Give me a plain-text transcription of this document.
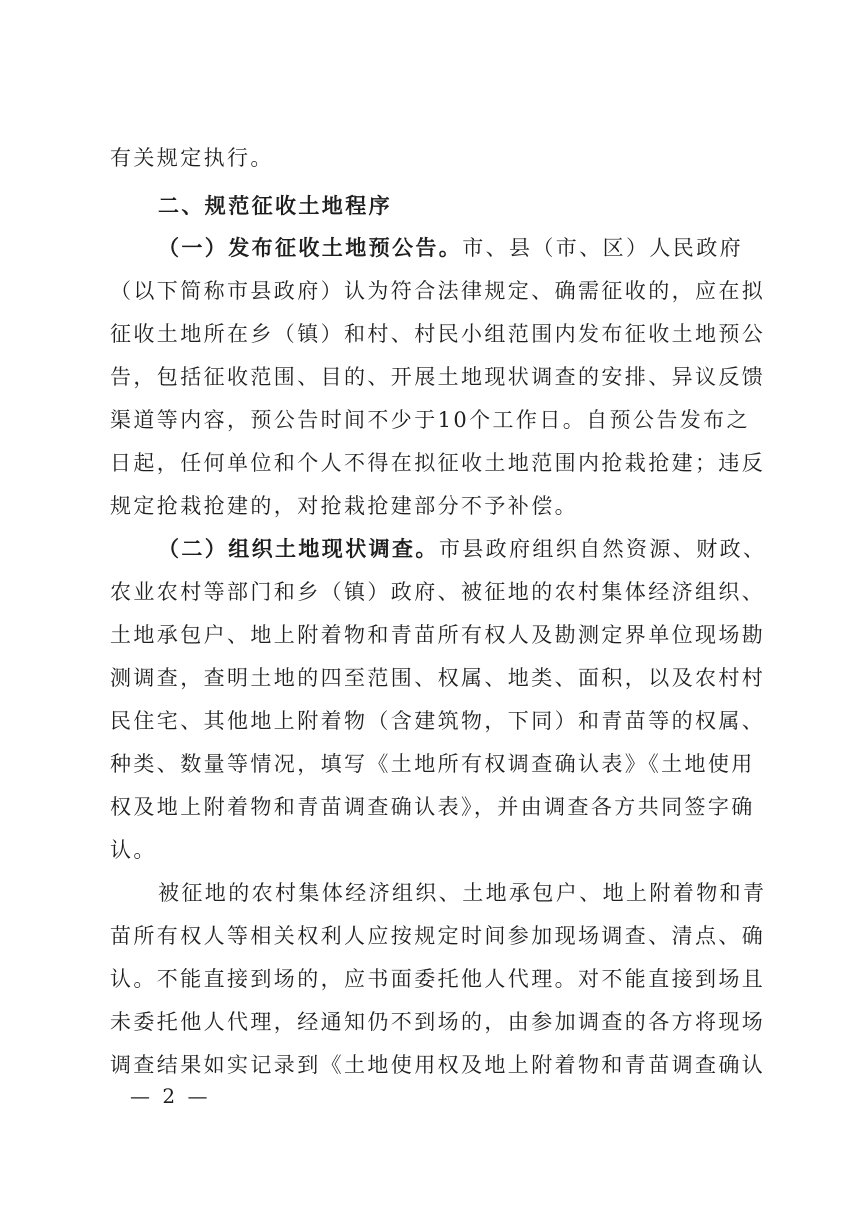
有关规定执行。
二、规范征收土地程序
（一）发布征收土地预公告。市、县（市、区）人民政府
（以下简称市县政府）认为符合法律规定、确需征收的，应在拟
征收土地所在乡（镇）和村、村民小组范围内发布征收土地预公
告，包括征收范围、目的、开展土地现状调查的安排、异议反馈
渠道等内容，预公告时间不少于10个工作日。自预公告发布之
日起，任何单位和个人不得在拟征收土地范围内抢栽抢建；违反
规定抢栽抢建的，对抢栽抢建部分不予补偿。
（二）组织土地现状调查。市县政府组织自然资源、财政、
农业农村等部门和乡（镇）政府、被征地的农村集体经济组织、
土地承包户、地上附着物和青苗所有权人及勘测定界单位现场勘
测调查，查明土地的四至范围、权属、地类、面积，以及农村村
民住宅、其他地上附着物（含建筑物，下同）和青苗等的权属、
种类、数量等情况，填写《土地所有权调查确认表》《土地使用
权及地上附着物和青苗调查确认表》，并由调查各方共同签字确
认。
被征地的农村集体经济组织、土地承包户、地上附着物和青
苗所有权人等相关权利人应按规定时间参加现场调查、清点、确
认。不能直接到场的，应书面委托他人代理。对不能直接到场且
未委托他人代理，经通知仍不到场的，由参加调查的各方将现场
调查结果如实记录到《土地使用权及地上附着物和青苗调查确认
— 2 —
